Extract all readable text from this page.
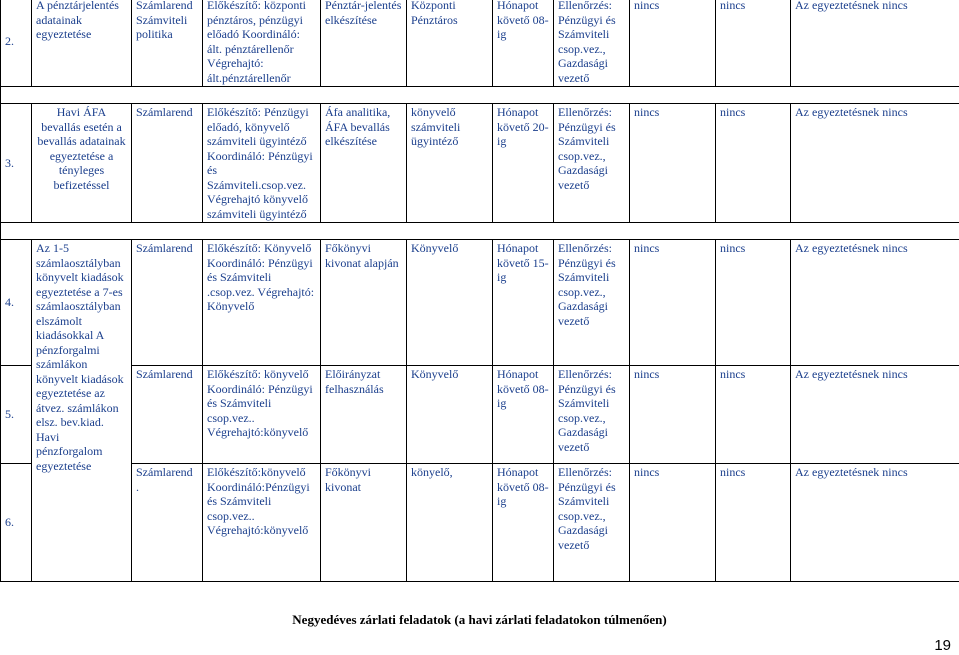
2.	A pénztárjelentés adatainak egyeztetése	Számlarend Számviteli politika	Előkészítő: központi pénztáros, pénzügyi előadó Koordináló: ált. pénztárellenőr Végrehajtó: ált.pénztárellenőr	Pénztár-jelentés elkészítése	Központi Pénztáros	Hónapot követő 08-ig	Ellenőrzés: Pénzügyi és Számviteli csop.vez., Gazdasági vezető	nincs	nincs	Az egyeztetésnek nincs

3.	Havi ÁFA bevallás esetén a bevallás adatainak egyeztetése a tényleges befizetéssel	Számlarend	Előkészítő: Pénzügyi előadó, könyvelő számviteli ügyintéző Koordináló: Pénzügyi és Számviteli.csop.vez. Végrehajtó könyvelő számviteli ügyintéző	Áfa analitika, ÁFA bevallás elkészítése	könyvelő számviteli ügyintéző	Hónapot követő 20-ig	Ellenőrzés: Pénzügyi és Számviteli csop.vez., Gazdasági vezető	nincs	nincs	Az egyeztetésnek nincs

4.	Az 1-5 számlaosztályban könyvelt kiadások egyeztetése a 7-es számlaosztályban elszámolt kiadásokkal A pénzforgalmi számlákon könyvelt kiadások egyeztetése az átvez. számlákon elsz. bev.kiad. Havi pénzforgalom egyeztetése	Számlarend	Előkészítő: Könyvelő Koordináló: Pénzügyi és Számviteli .csop.vez. Végrehajtó: Könyvelő	Főkönyvi kivonat alapján	Könyvelő	Hónapot követő 15-ig	Ellenőrzés: Pénzügyi és Számviteli csop.vez., Gazdasági vezető	nincs	nincs	Az egyeztetésnek nincs
5.		Számlarend	Előkészítő: könyvelő Koordináló: Pénzügyi és Számviteli csop.vez.. Végrehajtó:könyvelő	Előirányzat felhasználás	Könyvelő	Hónapot követő 08-ig	Ellenőrzés: Pénzügyi és Számviteli csop.vez., Gazdasági vezető	nincs	nincs	Az egyeztetésnek nincs
6.		Számlarend .	Előkészítő:könyvelő Koordináló:Pénzügyi és Számviteli csop.vez.. Végrehajtó:könyvelő	Főkönyvi kivonat	könyelő,	Hónapot követő 08-ig	Ellenőrzés: Pénzügyi és Számviteli csop.vez., Gazdasági vezető	nincs	nincs	Az egyeztetésnek nincs
Negyedéves zárlati feladatok (a havi zárlati feladatokon túlmenően)
19
